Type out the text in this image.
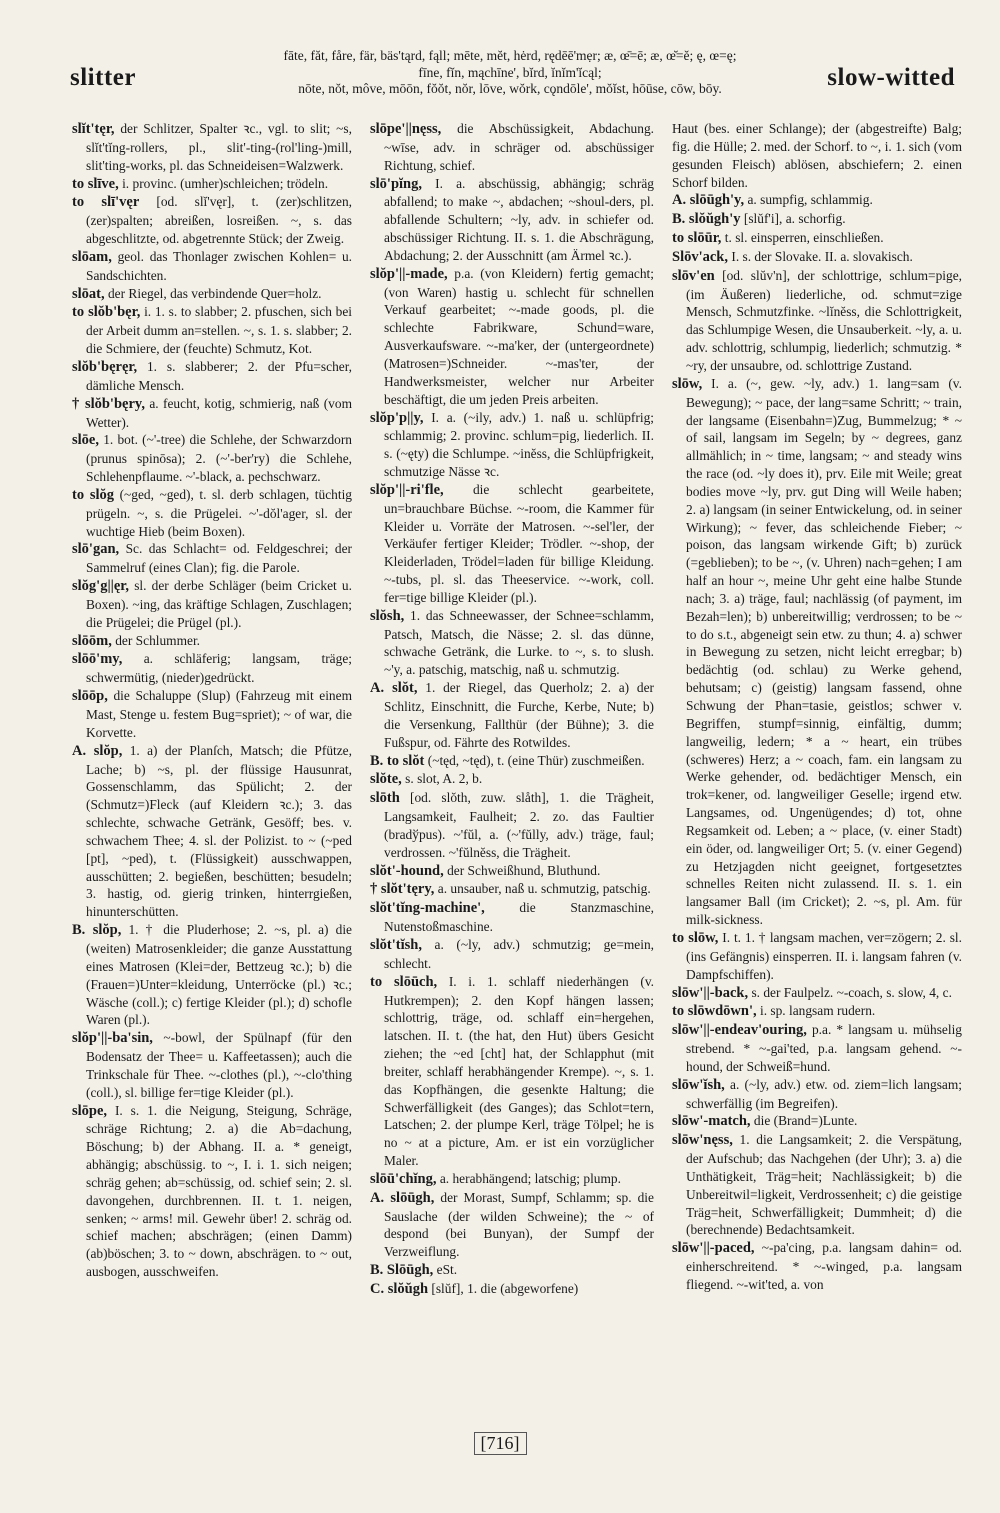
slitter
fāte, făt, fåre, fär, bäs'tąrd, fąll; mēte, mĕt, hėrd, rędēē'mẹr; æ, œ̄=ē; æ, œ̆=ĕ; ę, œ=ę;
fīne, fĭn, mąchīne', bĭrd, ĭnĭm'ĭcąl;
nōte, nŏt, môve, mōōn, fŏŏt, nŏr, lōve, wŏrk, cǫndōle', mŏĭst, hōūse, cōw, bōy.	slow-witted

slĭt'tęr, der Schlitzer, Spalter ꝛc., vgl. to slit; ~s, slĭt'tĭng-rollers, pl., slit'-ting-(rol'ling-)mill, slit'ting-works, pl. das Schneideisen=Walzwerk.

to slīve, i. provinc. (umher)schleichen; trödeln.

to slī'vęr [od. slĭ'vęr], t. (zer)schlitzen, (zer)spalten; abreißen, losreißen. ~, s. das abgeschlitzte, od. abgetrennte Stück; der Zweig.

slōam, geol. das Thonlager zwischen Kohlen= u. Sandschichten.

slōat, der Riegel, das verbindende Quer=holz.

to slŏb'bęr, i. 1. s. to slabber; 2. pfuschen, sich bei der Arbeit dumm an=stellen. ~, s. 1. s. slabber; 2. die Schmiere, der (feuchte) Schmutz, Kot.

slŏb'bęręr, 1. s. slabberer; 2. der Pfu=scher, dämliche Mensch.

† slŏb'bęry, a. feucht, kotig, schmierig, naß (vom Wetter).

slōe, 1. bot. (~'-tree) die Schlehe, der Schwarzdorn (prunus spinōsa); 2. (~'-ber'ry) die Schlehe, Schlehenpflaume. ~'-black, a. pechschwarz.

to slŏg (~ged, ~ged), t. sl. derb schlagen, tüchtig prügeln. ~, s. die Prügelei. ~'-dŏl'ager, sl. der wuchtige Hieb (beim Boxen).

slō'gan, Sc. das Schlacht= od. Feldgeschrei; der Sammelruf (eines Clan); fig. die Parole.

slŏg'g||ęr, sl. der derbe Schläger (beim Cricket u. Boxen). ~ing, das kräftige Schlagen, Zuschlagen; die Prügelei; die Prügel (pl.).

slōōm, der Schlummer.

slōō'my, a. schläferig; langsam, träge; schwermütig, (nieder)gedrückt.

slōōp, die Schaluppe (Slup) (Fahrzeug mit einem Mast, Stenge u. festem Bug=spriet); ~ of war, die Korvette.

A. slŏp, 1. a) der Planſch, Matsch; die Pfütze, Lache; b) ~s, pl. der flüssige Hausunrat, Gossenschlamm, das Spülicht; 2. der (Schmutz=)Fleck (auf Kleidern ꝛc.); 3. das schlechte, schwache Getränk, Gesöff; bes. v. schwachem Thee; 4. sl. der Polizist. to ~ (~ped [pt], ~ped), t. (Flüssigkeit) ausschwappen, ausschütten; 2. begießen, beschütten; besudeln; 3. hastig, od. gierig trinken, hinterrgießen, hinunterschütten.

B. slŏp, 1. † die Pluderhose; 2. ~s, pl. a) die (weiten) Matrosenkleider; die ganze Ausstattung eines Matrosen (Klei=der, Bettzeug ꝛc.); b) die (Frauen=)Unter=kleidung, Unterröcke (pl.) ꝛc.; Wäsche (coll.); c) fertige Kleider (pl.); d) schofle Waren (pl.).

slŏp'||-ba'sin, ~-bowl, der Spülnapf (für den Bodensatz der Thee= u. Kaffeetassen); auch die Trinkschale für Thee. ~-clothes (pl.), ~-clo'thing (coll.), sl. billige fer=tige Kleider (pl.).

slōpe, I. s. 1. die Neigung, Steigung, Schräge, schräge Richtung; 2. a) die Ab=dachung, Böschung; b) der Abhang. II. a. * geneigt, abhängig; abschüssig. to ~, I. i. 1. sich neigen; schräg gehen; ab=schüssig, od. schief sein; 2. sl. davongehen, durchbrennen. II. t. 1. neigen, senken; ~ arms! mil. Gewehr über! 2. schräg od. schief machen; abschrägen; (einen Damm) (ab)böschen; 3. to ~ down, abschrägen. to ~ out, ausbogen, ausschweifen.

slōpe'||nęss, die Abschüssigkeit, Abdachung. ~wīse, adv. in schräger od. abschüssiger Richtung, schief.

slō'pĭng, I. a. abschüssig, abhängig; schräg abfallend; to make ~, abdachen; ~shoul-ders, pl. abfallende Schultern; ~ly, adv. in schiefer od. abschüssiger Richtung. II. s. 1. die Abschrägung, Abdachung; 2. der Ausschnitt (am Ärmel ꝛc.).

slŏp'||-made, p.a. (von Kleidern) fertig gemacht; (von Waren) hastig u. schlecht für schnellen Verkauf gearbeitet; ~-made goods, pl. die schlechte Fabrikware, Schund=ware, Ausverkaufsware. ~-ma'ker, der (untergeordnete) (Matrosen=)Schneider. ~-mas'ter, der Handwerksmeister, welcher nur Arbeiter beschäftigt, die um jeden Preis arbeiten.

slŏp'p||y, I. a. (~ily, adv.) 1. naß u. schlüpfrig; schlammig; 2. provinc. schlum=pig, liederlich. II. s. (~ęty) die Schlumpe. ~inĕss, die Schlüpfrigkeit, schmutzige Nässe ꝛc.

slŏp'||-ri'fle, die schlecht gearbeitete, un=brauchbare Büchse. ~-room, die Kammer für Kleider u. Vorräte der Matrosen. ~-sel'ler, der Verkäufer fertiger Kleider; Trödler. ~-shop, der Kleiderladen, Trödel=laden für billige Kleidung. ~-tubs, pl. sl. das Theeservice. ~-work, coll. fer=tige billige Kleider (pl.).

slŏsh, 1. das Schneewasser, der Schnee=schlamm, Patsch, Matsch, die Nässe; 2. sl. das dünne, schwache Getränk, die Lurke. to ~, s. to slush. ~'y, a. patschig, matschig, naß u. schmutzig.

A. slŏt, 1. der Riegel, das Querholz; 2. a) der Schlitz, Einschnitt, die Furche, Kerbe, Nute; b) die Versenkung, Fallthür (der Bühne); 3. die Fußspur, od. Fährte des Rotwildes.

B. to slŏt (~tęd, ~tęd), t. (eine Thür) zuschmeißen.

slŏte, s. slot, A. 2, b.

slōth [od. slŏth, zuw. slåth], 1. die Trägheit, Langsamkeit, Faulheit; 2. zo. das Faultier (bradўpus). ~'fŭl, a. (~'fŭlly, adv.) träge, faul; verdrossen. ~'fŭlnĕss, die Trägheit.

slŏt'-hound, der Schweißhund, Bluthund.

† slŏt'tęry, a. unsauber, naß u. schmutzig, patschig.

slŏt'tĭng-machine',	die Stanzmaschine, Nutenstoßmaschine.

slŏt'tĭsh, a. (~ly, adv.) schmutzig; ge=mein, schlecht.

to slōūch, I. i. 1. schlaff niederhängen (v. Hutkrempen); 2. den Kopf hängen lassen; schlottrig, träge, od. schlaff ein=hergehen, latschen. II. t. (the hat, den Hut) übers Gesicht ziehen; the ~ed [cht] hat, der Schlapphut (mit breiter, schlaff herabhängender Krempe). ~, s. 1. das Kopfhängen, die gesenkte Haltung; die Schwerfälligkeit (des Ganges); das Schlot=tern, Latschen; 2. der plumpe Kerl, träge Tölpel; he is no ~ at a picture, Am. er ist ein vorzüglicher Maler.

slōū'chĭng, a. herabhängend; latschig; plump.

A. slōūgh, der Morast, Sumpf, Schlamm; sp. die Sauslache (der wilden Schweine); the ~ of despond (bei Bunyan), der Sumpf der Verzweiflung.

B. Slōūgh, eSt.

C. slŏŭgh [slŭf], 1. die (abgeworfene)

Haut (bes. einer Schlange); der (abgestreifte) Balg; fig. die Hülle; 2. med. der Schorf. to ~, i. 1. sich (vom gesunden Fleisch) ablösen, abschiefern; 2. einen Schorf bilden.

A. slōūgh'y, a. sumpfig, schlammig.

B. slŏŭgh'y [slŭf'i], a. schorfig.

to slōūr, t. sl. einsperren, einschließen.

Slōv'ack, I. s. der Slovake. II. a. slovakisch.

slōv'en [od. slŭv'n], der schlottrige, schlum=pige, (im Äußeren) liederliche, od. schmut=zige Mensch, Schmutzfinke. ~lĭnĕss, die Schlottrigkeit, das Schlumpige Wesen, die Unsauberkeit. ~ly, a. u. adv. schlottrig, schlumpig, liederlich; schmutzig. * ~ry, der unsaubre, od. schlottrige Zustand.

slōw, I. a. (~, gew. ~ly, adv.) 1. lang=sam (v. Bewegung); ~ pace, der lang=same Schritt; ~ train, der langsame (Eisenbahn=)Zug, Bummelzug; * ~ of sail, langsam im Segeln; by ~ degrees, ganz allmählich; in ~ time, langsam; ~ and steady wins the race (od. ~ly does it), prv. Eile mit Weile; great bodies move ~ly, prv. gut Ding will Weile haben; 2. a) langsam (in seiner Entwickelung, od. in seiner Wirkung); ~ fever, das schleichende Fieber; ~ poison, das langsam wirkende Gift; b) zurück (=geblieben); to be ~, (v. Uhren) nach=gehen; I am half an hour ~, meine Uhr geht eine halbe Stunde nach; 3. a) träge, faul; nachlässig (of payment, im Bezah=len); b) unbereitwillig; verdrossen; to be ~ to do s.t., abgeneigt sein etw. zu thun; 4. a) schwer in Bewegung zu setzen, nicht leicht erregbar; b) bedächtig (od. schlau) zu Werke gehend, behutsam; c) (geistig) langsam fassend, ohne Schwung der Phan=tasie, geistlos; schwer v. Begriffen, stumpf=sinnig, einfältig, dumm; langweilig, ledern; * a ~ heart, ein trübes (schweres) Herz; a ~ coach, fam. ein langsam zu Werke gehender, od. bedächtiger Mensch, ein trok=kener, od. langweiliger Geselle; irgend etw. Langsames, od. Ungenügendes; d) tot, ohne Regsamkeit od. Leben; a ~ place, (v. einer Stadt) ein öder, od. langweiliger Ort; 5. (v. einer Gegend) zu Hetzjagden nicht geeignet, fortgesetztes schnelles Reiten nicht zulassend. II. s. 1. ein langsamer Ball (im Cricket); 2. ~s, pl. Am. für milk-sickness.

to slōw, I. t. 1. † langsam machen, ver=zögern; 2. sl. (ins Gefängnis) einsperren. II. i. langsam fahren (v. Dampfschiffen).

slōw'||-back, s. der Faulpelz. ~-coach, s. slow, 4, c.

to slōwdōwn', i. sp. langsam rudern.

slōw'||-endeav'ouring, p.a. * langsam u. mühselig strebend. * ~-gai'ted, p.a. langsam gehend. ~-hound, der Schweiß=hund.

slōw'ĭsh, a. (~ly, adv.) etw. od. ziem=lich langsam; schwerfällig (im Begreifen).

slōw'-match, die (Brand=)Lunte.

slōw'nęss, 1. die Langsamkeit; 2. die Verspätung, der Aufschub; das Nachgehen (der Uhr); 3. a) die Unthätigkeit, Träg=heit; Nachlässigkeit; b) die Unbereitwil=ligkeit, Verdrossenheit; c) die geistige Träg=heit, Schwerfälligkeit; Dummheit; d) die (berechnende) Bedachtsamkeit.

slōw'||-paced, ~-pa'cing, p.a. langsam dahin= od. einherschreitend. * ~-winged, p.a. langsam fliegend. ~-wit'ted, a. von

[716]
